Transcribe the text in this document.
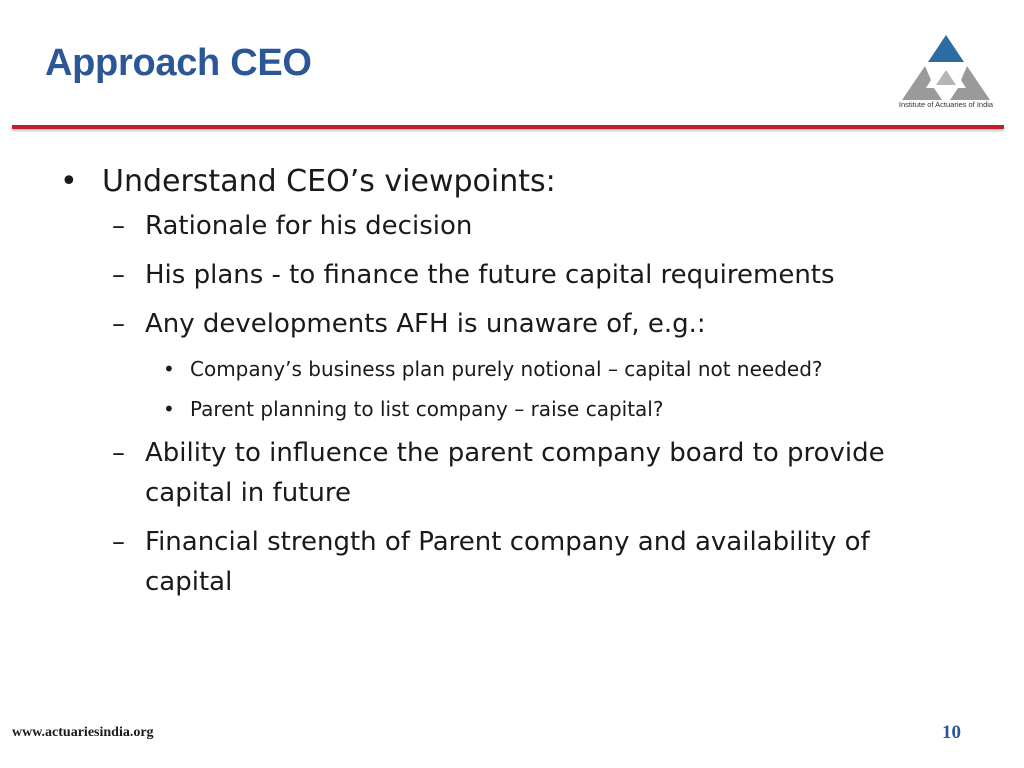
Approach CEO
Institute of Actuaries of India
• Understand CEO’s viewpoints:
– Rationale for his decision
– His plans - to finance the future capital requirements
– Any developments AFH is unaware of, e.g.:
• Company’s business plan purely notional – capital not needed?
• Parent planning to list company – raise capital?
– Ability to influence the parent company board to provide capital in future
– Financial strength of Parent company and availability of capital
www.actuariesindia.org	10
